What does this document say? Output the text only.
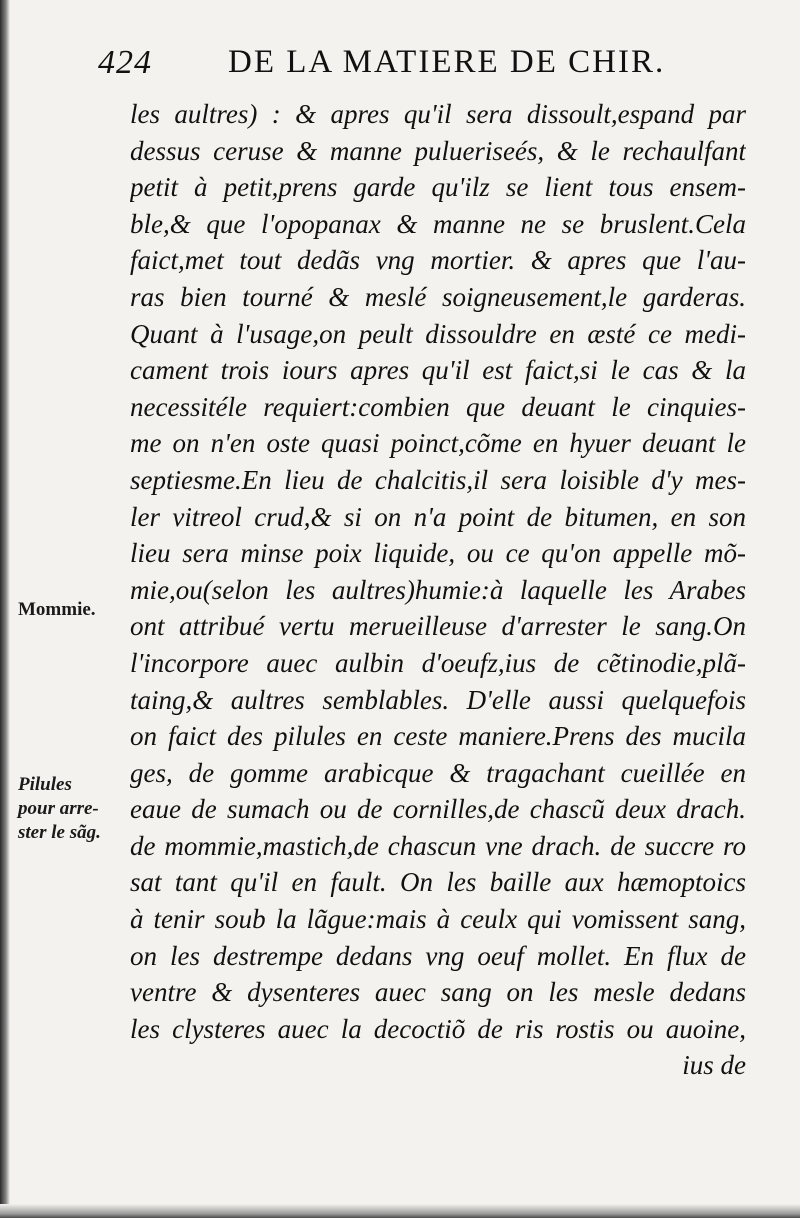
424 DE LA MATIERE DE CHIR.
Mommie.
Pilules
pour arre-
ster le sãg.
les aultres) : & apres qu'il sera dissoult,espand par
dessus ceruse & manne pulueriseés, & le rechaulfant
petit à petit,prens garde qu'ilz se lient tous ensem-
ble,& que l'opopanax & manne ne se bruslent.Cela
faict,met tout dedãs vng mortier. & apres que l'au-
ras bien tourné & meslé soigneusement,le garderas.
Quant à l'usage,on peult dissouldre en æsté ce medi-
cament trois iours apres qu'il est faict,si le cas & la
necessitéle requiert:combien que deuant le cinquies-
me on n'en oste quasi poinct,cõme en hyuer deuant le
septiesme.En lieu de chalcitis,il sera loisible d'y mes-
ler vitreol crud,& si on n'a point de bitumen, en son
lieu sera minse poix liquide, ou ce qu'on appelle mõ-
mie,ou(selon les aultres)humie:à laquelle les Arabes
ont attribué vertu merueilleuse d'arrester le sang.On
l'incorpore auec aulbin d'oeufz,ius de cẽtinodie,plã-
taing,& aultres semblables. D'elle aussi quelquefois
on faict des pilules en ceste maniere.Prens des mucila
ges, de gomme arabicque & tragachant cueillée en
eaue de sumach ou de cornilles,de chascũ deux drach.
de mommie,mastich,de chascun vne drach. de succre ro
sat tant qu'il en fault. On les baille aux hæmoptoics
à tenir soub la lãgue:mais à ceulx qui vomissent sang,
on les destrempe dedans vng oeuf mollet. En flux de
ventre & dysenteres auec sang on les mesle dedans
les clysteres auec la decoctiõ de ris rostis ou auoine,
ius de
